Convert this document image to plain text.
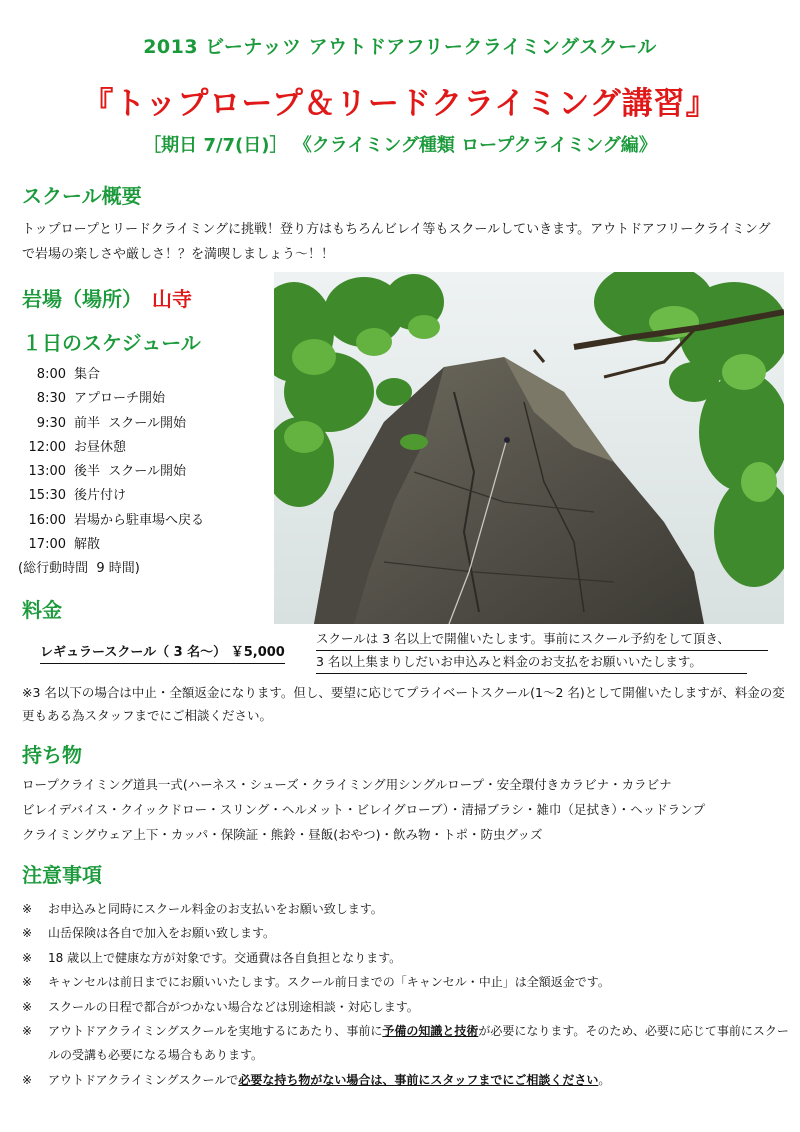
2013 ビーナッツ アウトドアフリークライミングスクール
『トップロープ＆リードクライミング講習』
［期日 7/7(日)］ 《クライミング種類 ロープクライミング編》
スクール概要
トップロープとリードクライミングに挑戦！登り方はもちろんビレイ等もスクールしていきます。アウトドアフリークライミングで岩場の楽しさや厳しさ！？を満喫しましょう～！！
岩場（場所） 山寺
１日のスケジュール
8:00 集合
8:30 アプローチ開始
9:30 前半  スクール開始
12:00 お昼休憩
13:00 後半  スクール開始
15:30 後片付け
16:00 岩場から駐車場へ戻る
17:00 解散
(総行動時間  9 時間)
料金
レギュラースクール（ 3 名～） ￥5,000
スクールは 3 名以上で開催いたします。事前にスクール予約をして頂き、
3 名以上集まりしだいお申込みと料金のお支払をお願いいたします。
※3 名以下の場合は中止・全額返金になります。但し、要望に応じてプライベートスクール(1～2 名)として開催いたしますが、料金の変更もある為スタッフまでにご相談ください。
持ち物
ロープクライミング道具一式(ハーネス・シューズ・クライミング用シングルロープ・安全環付きカラビナ・カラビナ
ビレイデバイス・クイックドロー・スリング・ヘルメット・ビレイグローブ）・清掃ブラシ・雑巾（足拭き）・ヘッドランプ
クライミングウェア上下・カッパ・保険証・熊鈴・昼飯(おやつ)・飲み物・トポ・防虫グッズ
注意事項
※ お申込みと同時にスクール料金のお支払いをお願い致します。
※ 山岳保険は各自で加入をお願い致します。
※ 18 歳以上で健康な方が対象です。交通費は各自負担となります。
※ キャンセルは前日までにお願いいたします。スクール前日までの「キャンセル・中止」は全額返金です。
※ スクールの日程で都合がつかない場合などは別途相談・対応します。
※ アウトドアクライミングスクールを実地するにあたり、事前に予備の知識と技術が必要になります。そのため、必要に応じて事前にスクールの受講も必要になる場合もあります。
※ アウトドアクライミングスクールで必要な持ち物がない場合は、事前にスタッフまでにご相談ください。
